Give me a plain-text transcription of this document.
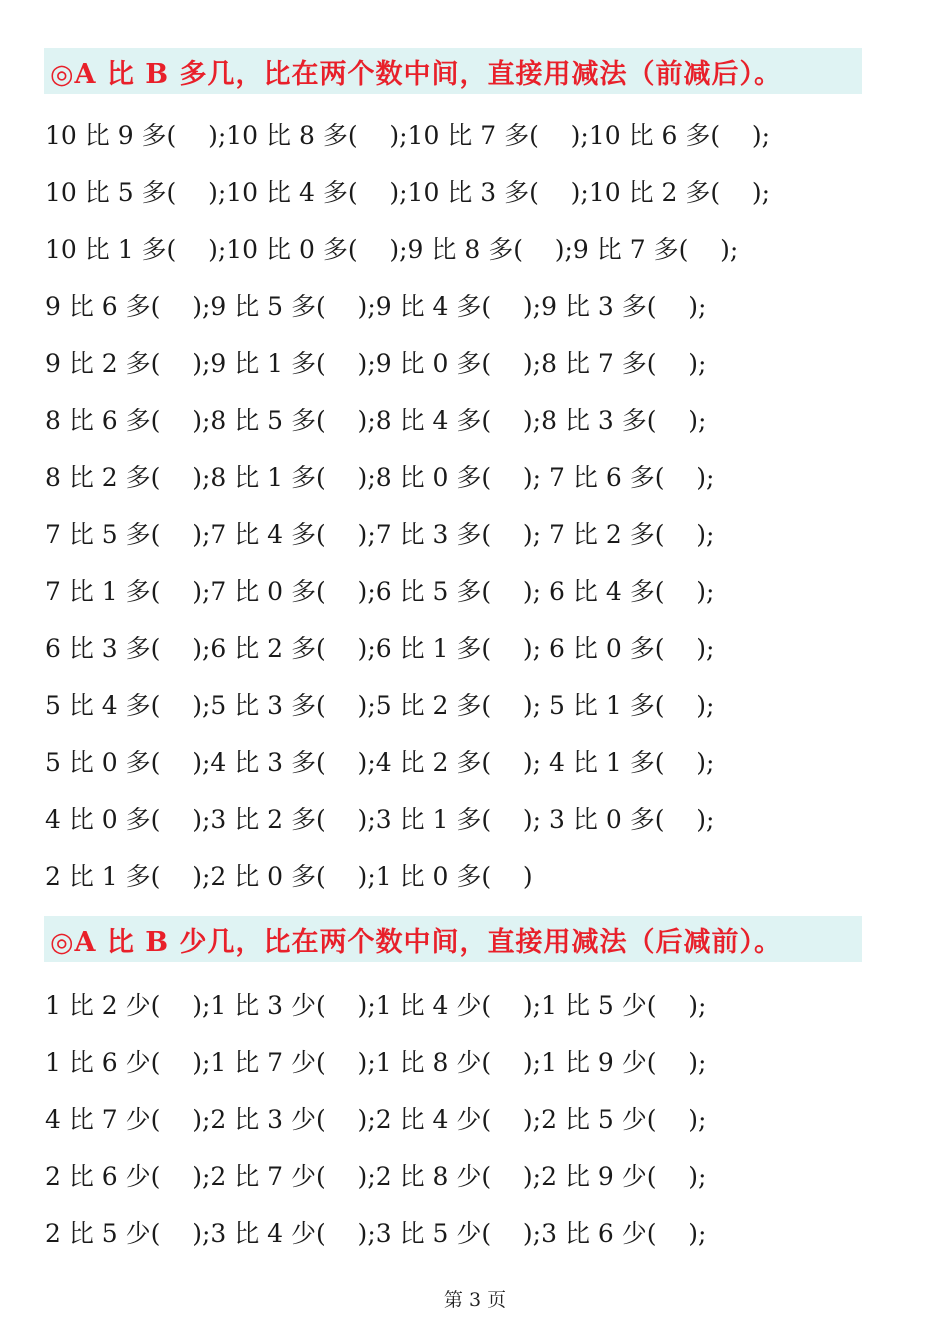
◎A 比 B 多几，比在两个数中间，直接用减法（前减后）。
10 比 9 多(    );10 比 8 多(    );10 比 7 多(    );10 比 6 多(    );
10 比 5 多(    );10 比 4 多(    );10 比 3 多(    );10 比 2 多(    );
10 比 1 多(    );10 比 0 多(    );9 比 8 多(    );9 比 7 多(    );
9 比 6 多(    );9 比 5 多(    );9 比 4 多(    );9 比 3 多(    );
9 比 2 多(    );9 比 1 多(    );9 比 0 多(    );8 比 7 多(    );
8 比 6 多(    );8 比 5 多(    );8 比 4 多(    );8 比 3 多(    );
8 比 2 多(    );8 比 1 多(    );8 比 0 多(    ); 7 比 6 多(    );
7 比 5 多(    );7 比 4 多(    );7 比 3 多(    ); 7 比 2 多(    );
7 比 1 多(    );7 比 0 多(    );6 比 5 多(    ); 6 比 4 多(    );
6 比 3 多(    );6 比 2 多(    );6 比 1 多(    ); 6 比 0 多(    );
5 比 4 多(    );5 比 3 多(    );5 比 2 多(    ); 5 比 1 多(    );
5 比 0 多(    );4 比 3 多(    );4 比 2 多(    ); 4 比 1 多(    );
4 比 0 多(    );3 比 2 多(    );3 比 1 多(    ); 3 比 0 多(    );
2 比 1 多(    );2 比 0 多(    );1 比 0 多(    )
◎A 比 B 少几，比在两个数中间，直接用减法（后减前）。
1 比 2 少(    );1 比 3 少(    );1 比 4 少(    );1 比 5 少(    );
1 比 6 少(    );1 比 7 少(    );1 比 8 少(    );1 比 9 少(    );
4 比 7 少(    );2 比 3 少(    );2 比 4 少(    );2 比 5 少(    );
2 比 6 少(    );2 比 7 少(    );2 比 8 少(    );2 比 9 少(    );
2 比 5 少(    );3 比 4 少(    );3 比 5 少(    );3 比 6 少(    );
第 3 页
